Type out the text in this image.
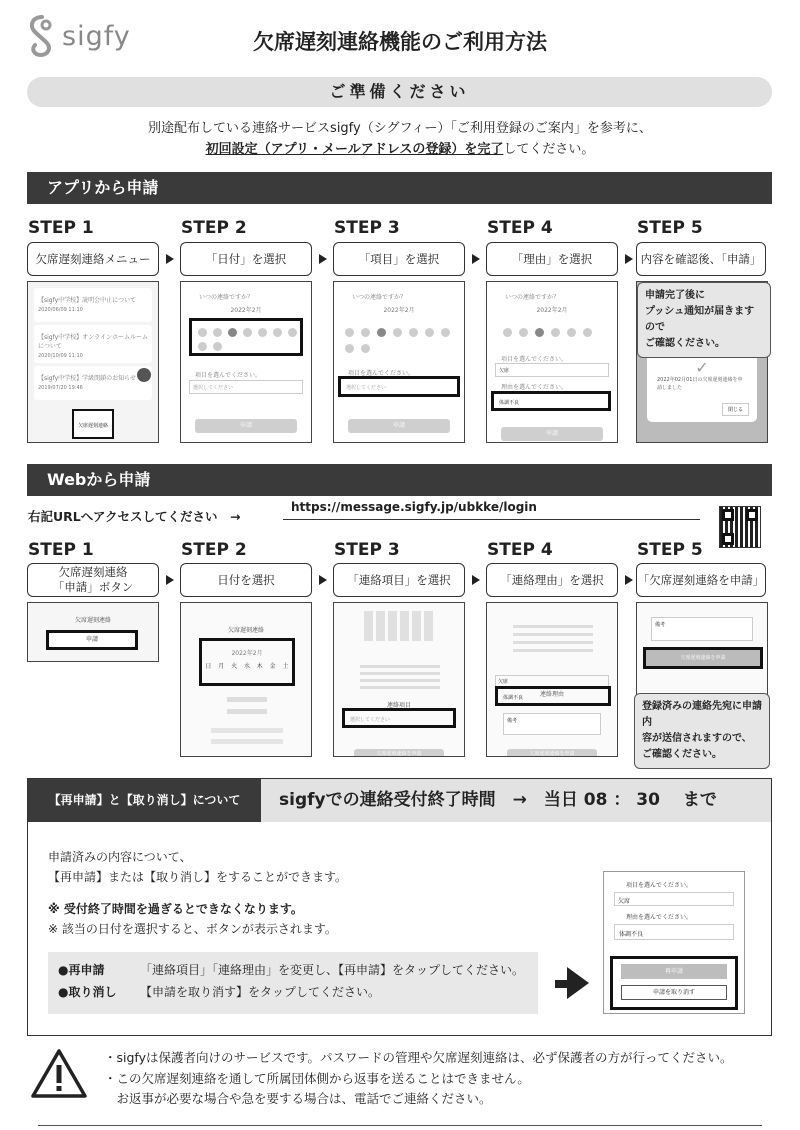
sigfy	欠席遅刻連絡機能のご利用方法
ご準備ください
別途配布している連絡サービスsigfy（シグフィー）「ご利用登録のご案内」を参考に、
初回設定（アプリ・メールアドレスの登録）を完了してください。
アプリから申請
STEP 1	STEP 2	STEP 3	STEP 4	STEP 5
欠席遅刻連絡メニュー	「日付」を選択	「項目」を選択	「理由」を選択	内容を確認後、「申請」
【sigfy中学校】説明会中止について
2020/06/09 11:10
【sigfy中学校】オンラインホームルームについて
2020/10/09 11:10
【sigfy中学校】学級閉鎖のお知らせ
2019/07/20 19:46
欠席遅刻連絡
いつの連絡ですか？
2022年2月
項目を選んでください。
選択してください
申請
いつの連絡ですか？
2022年2月
項目を選んでください。
選択してください
申請
いつの連絡ですか？
2022年2月
項目を選んでください。
欠席
理由を選んでください。
体調不良
申請
✓
2022年02月01日の欠席遅刻連絡を申請しました
閉じる
申請完了後に
プッシュ通知が届きますので
ご確認ください。
Webから申請
右記URLへアクセスしてください　→
https://message.sigfy.jp/ubkke/login
STEP 1	STEP 2	STEP 3	STEP 4	STEP 5
欠席遅刻連絡
「申請」ボタン
日付を選択	「連絡項目」を選択	「連絡理由」を選択	「欠席遅刻連絡を申請」
欠席遅刻連絡
申請
欠席遅刻連絡
2022年2月
日 月 火 水 木 金 土
連絡項目
選択してください
欠席遅刻連絡を申請
欠席
連絡理由
体調不良
備考
欠席遅刻連絡を申請
備考
欠席遅刻連絡を申請
登録済みの連絡先宛に申請内
容が送信されますので、
ご確認ください。
【再申請】と【取り消し】について	sigfyでの連絡受付終了時間　→　当日 08 ： 30　 まで
申請済みの内容について、
【再申請】または【取り消し】をすることができます。
※ 受付終了時間を過ぎるとできなくなります。
※ 該当の日付を選択すると、ボタンが表示されます。
●再申請	「連絡項目」「連絡理由」を変更し、【再申請】をタップしてください。
●取り消し 【申請を取り消す】をタップしてください。
項目を選んでください。
欠席
理由を選んでください。
体調不良
再申請
申請を取り消す
・sigfyは保護者向けのサービスです。パスワードの管理や欠席遅刻連絡は、必ず保護者の方が行ってください。
・この欠席遅刻連絡を通して所属団体側から返事を送ることはできません。
　お返事が必要な場合や急を要する場合は、電話でご連絡ください。
